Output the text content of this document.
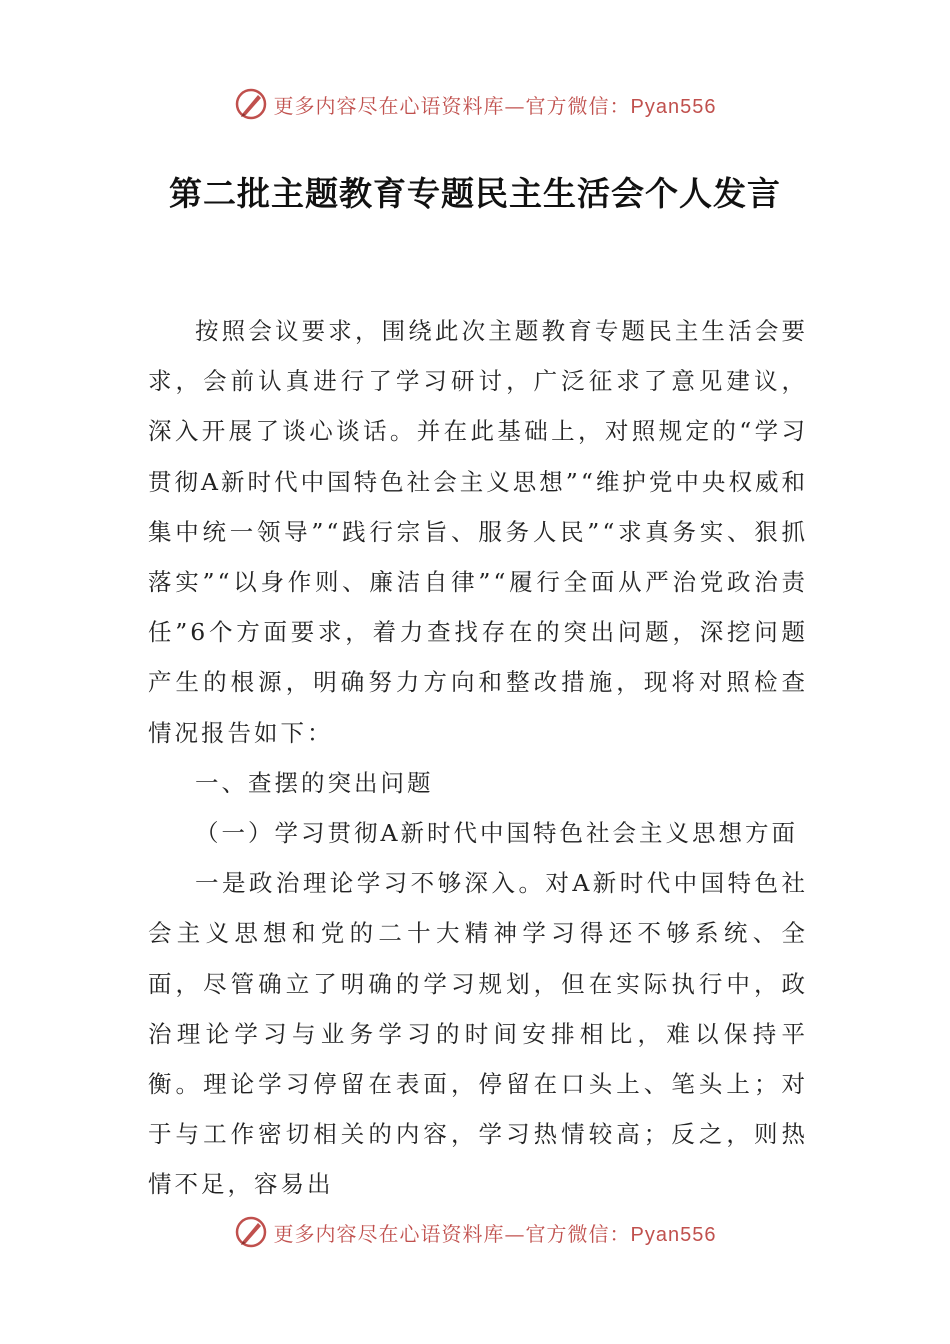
更多内容尽在心语资料库—官方微信：Pyan556
第二批主题教育专题民主生活会个人发言

按照会议要求，围绕此次主题教育专题民主生活会要求，会前认真进行了学习研讨，广泛征求了意见建议，深入开展了谈心谈话。并在此基础上，对照规定的“学习贯彻A新时代中国特色社会主义思想”“维护党中央权威和集中统一领导”“践行宗旨、服务人民”“求真务实、狠抓落实”“以身作则、廉洁自律”“履行全面从严治党政治责任”6个方面要求，着力查找存在的突出问题，深挖问题产生的根源，明确努力方向和整改措施，现将对照检查情况报告如下：

一、查摆的突出问题

（一）学习贯彻A新时代中国特色社会主义思想方面

一是政治理论学习不够深入。对A新时代中国特色社会主义思想和党的二十大精神学习得还不够系统、全面，尽管确立了明确的学习规划，但在实际执行中，政治理论学习与业务学习的时间安排相比，难以保持平衡。理论学习停留在表面，停留在口头上、笔头上；对于与工作密切相关的内容，学习热情较高；反之，则热情不足，容易出

更多内容尽在心语资料库—官方微信：Pyan556
